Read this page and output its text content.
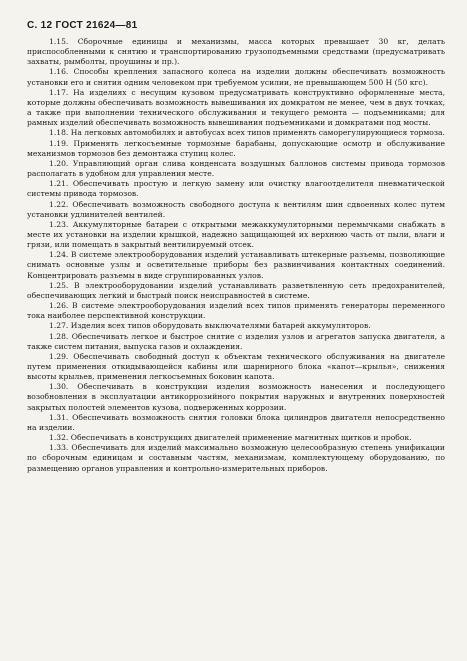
С. 12 ГОСТ 21624—81

1.15. Сборочные единицы и механизмы, масса которых превышает 30 кг, делать приспособленными к снятию и транспортированию грузоподъемными средствами (предусматривать захваты, рымболты, проушины и пр.).

1.16. Способы крепления запасного колеса на изделии должны обеспечивать возможность установки его и снятия одним человеком при требуемом усилии, не превышающем 500 Н (50 кгс).

1.17. На изделиях с несущим кузовом предусматривать конструктивно оформленные места, которые должны обеспечивать возможность вывешивания их домкратом не менее, чем в двух точках, а также при выполнении технического обслуживания и текущего ремонта — подъемниками; для рамных изделий обеспечивать возможность вывешивания подъемниками и домкратами под мосты.

1.18. На легковых автомобилях и автобусах всех типов применять саморегулирующиеся тормоза.

1.19. Применять легкосъемные тормозные барабаны, допускающие осмотр и обслуживание механизмов тормозов без демонтажа ступиц колес.

1.20. Управляющий орган слива конденсата воздушных баллонов системы привода тормозов располагать в удобном для управления месте.

1.21. Обеспечивать простую и легкую замену или очистку влагоотделителя пневматической системы привода тормозов.

1.22. Обеспечивать возможность свободного доступа к вентилям шин сдвоенных колес путем установки удлинителей вентилей.

1.23. Аккумуляторные батареи с открытыми межаккумуляторными перемычками снабжать в месте их установки на изделии крышкой, надежно защищающей их верхнюю часть от пыли, влаги и грязи, или помещать в закрытый вентилируемый отсек.

1.24. В системе электрооборудования изделий устанавливать штекерные разъемы, позволяющие снимать основные узлы и осветительные приборы без развинчивания контактных соединений. Концентрировать разъемы в виде сгруппированных узлов.

1.25. В электрооборудовании изделий устанавливать разветвленную сеть предохранителей, обеспечивающих легкий и быстрый поиск неисправностей в системе.

1.26. В системе электрооборудования изделий всех типов применять генераторы переменного тока наиболее перспективной конструкции.

1.27. Изделия всех типов оборудовать выключателями батарей аккумуляторов.

1.28. Обеспечивать легкое и быстрое снятие с изделия узлов и агрегатов запуска двигателя, а также систем питания, выпуска газов и охлаждения.

1.29. Обеспечивать свободный доступ к объектам технического обслуживания на двигателе путем применения откидывающейся кабины или шарнирного блока «капот—крылья», снижения высоты крыльев, применения легкосъемных боковин капота.

1.30. Обеспечивать в конструкции изделия возможность нанесения и последующего возобновления в эксплуатации антикоррозийного покрытия наружных и внутренних поверхностей закрытых полостей элементов кузова, подверженных коррозии.

1.31. Обеспечивать возможность снятия головки блока цилиндров двигателя непосредственно на изделии.

1.32. Обеспечивать в конструкциях двигателей применение магнитных щитков и пробок.

1.33. Обеспечивать для изделий максимально возможную целесообразную степень унификации по сборочным единицам и составным частям, механизмам, комплектующему оборудованию, по размещению органов управления и контрольно-измерительных приборов.
